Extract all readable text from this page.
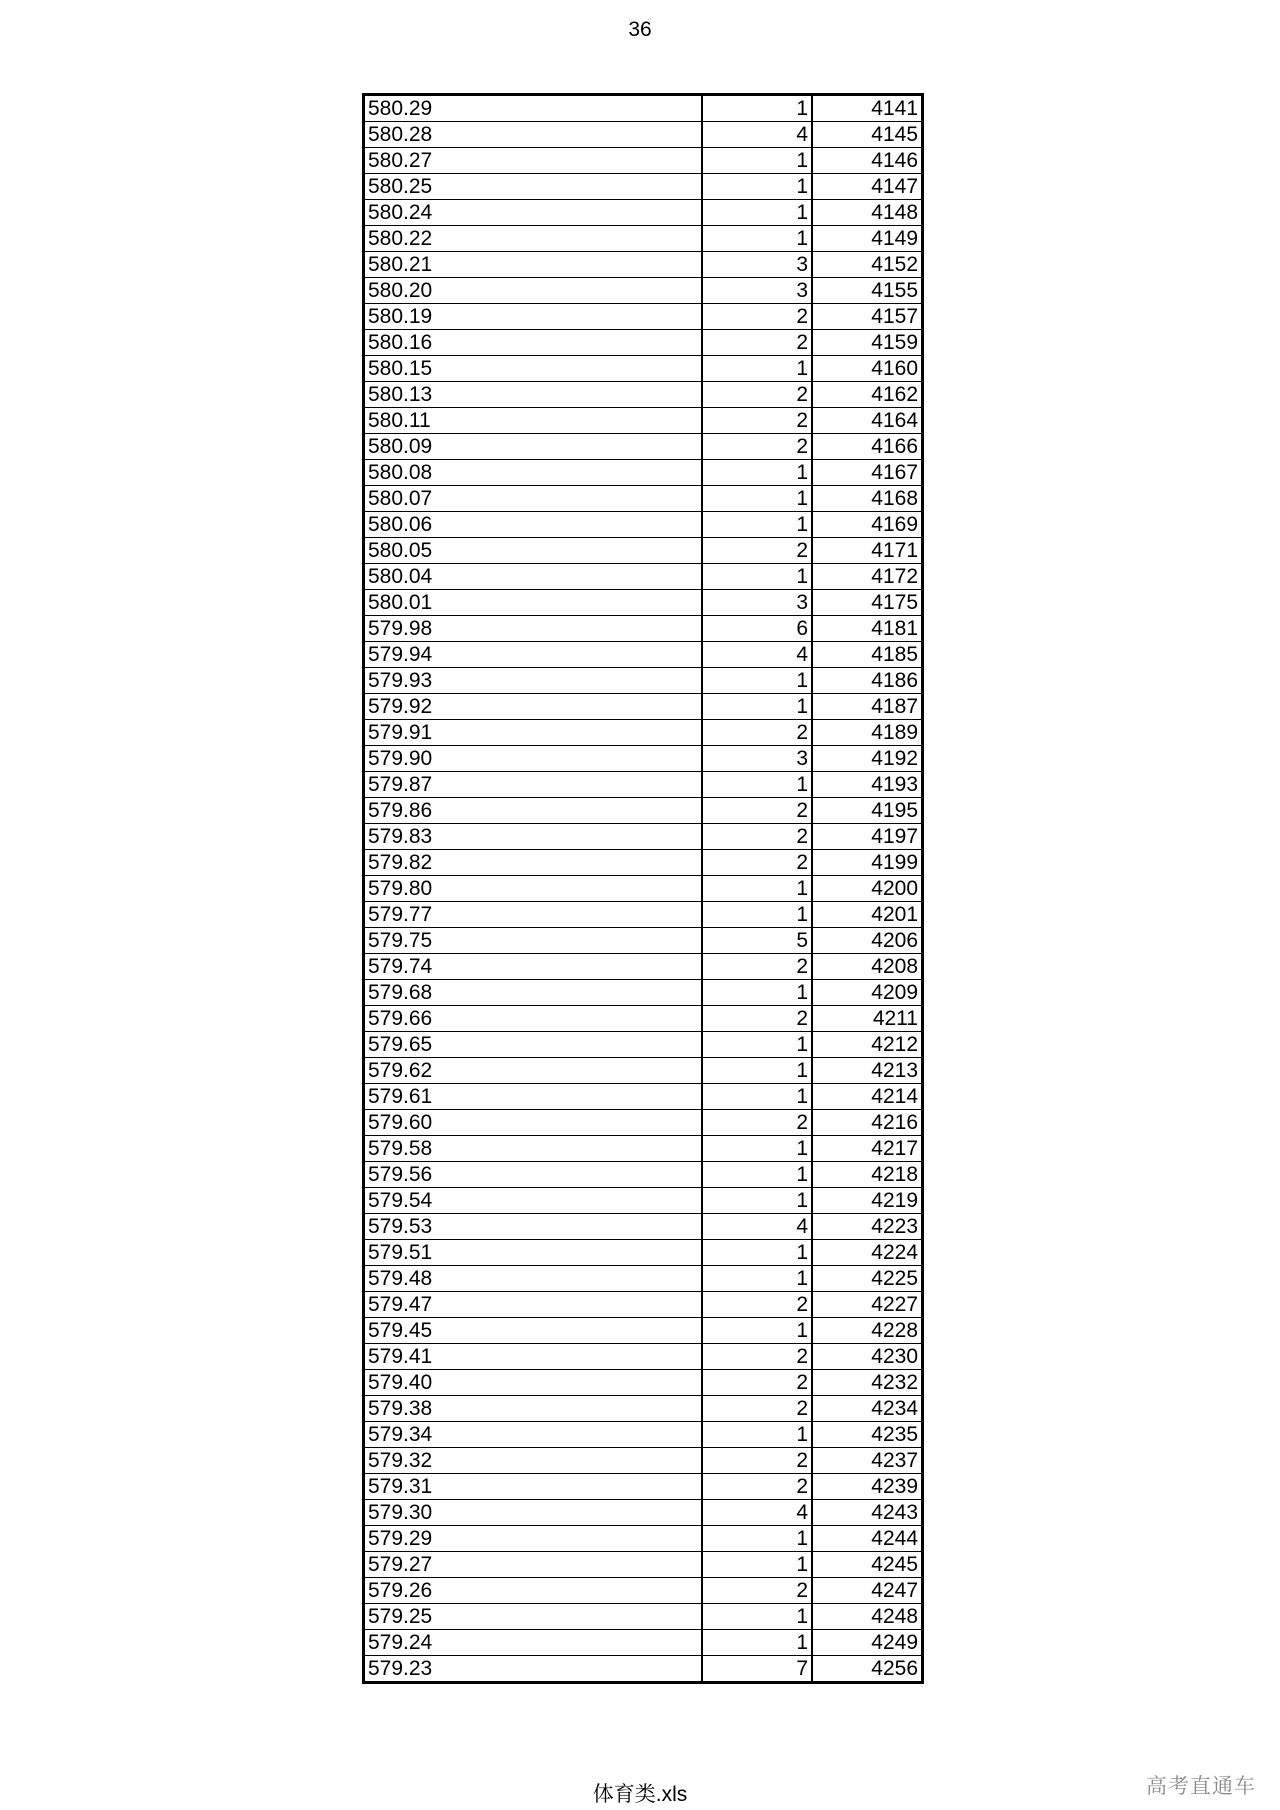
36
580.29	1	4141
580.28	4	4145
580.27	1	4146
580.25	1	4147
580.24	1	4148
580.22	1	4149
580.21	3	4152
580.20	3	4155
580.19	2	4157
580.16	2	4159
580.15	1	4160
580.13	2	4162
580.11	2	4164
580.09	2	4166
580.08	1	4167
580.07	1	4168
580.06	1	4169
580.05	2	4171
580.04	1	4172
580.01	3	4175
579.98	6	4181
579.94	4	4185
579.93	1	4186
579.92	1	4187
579.91	2	4189
579.90	3	4192
579.87	1	4193
579.86	2	4195
579.83	2	4197
579.82	2	4199
579.80	1	4200
579.77	1	4201
579.75	5	4206
579.74	2	4208
579.68	1	4209
579.66	2	4211
579.65	1	4212
579.62	1	4213
579.61	1	4214
579.60	2	4216
579.58	1	4217
579.56	1	4218
579.54	1	4219
579.53	4	4223
579.51	1	4224
579.48	1	4225
579.47	2	4227
579.45	1	4228
579.41	2	4230
579.40	2	4232
579.38	2	4234
579.34	1	4235
579.32	2	4237
579.31	2	4239
579.30	4	4243
579.29	1	4244
579.27	1	4245
579.26	2	4247
579.25	1	4248
579.24	1	4249
579.23	7	4256
体育类.xls	高考直通车
